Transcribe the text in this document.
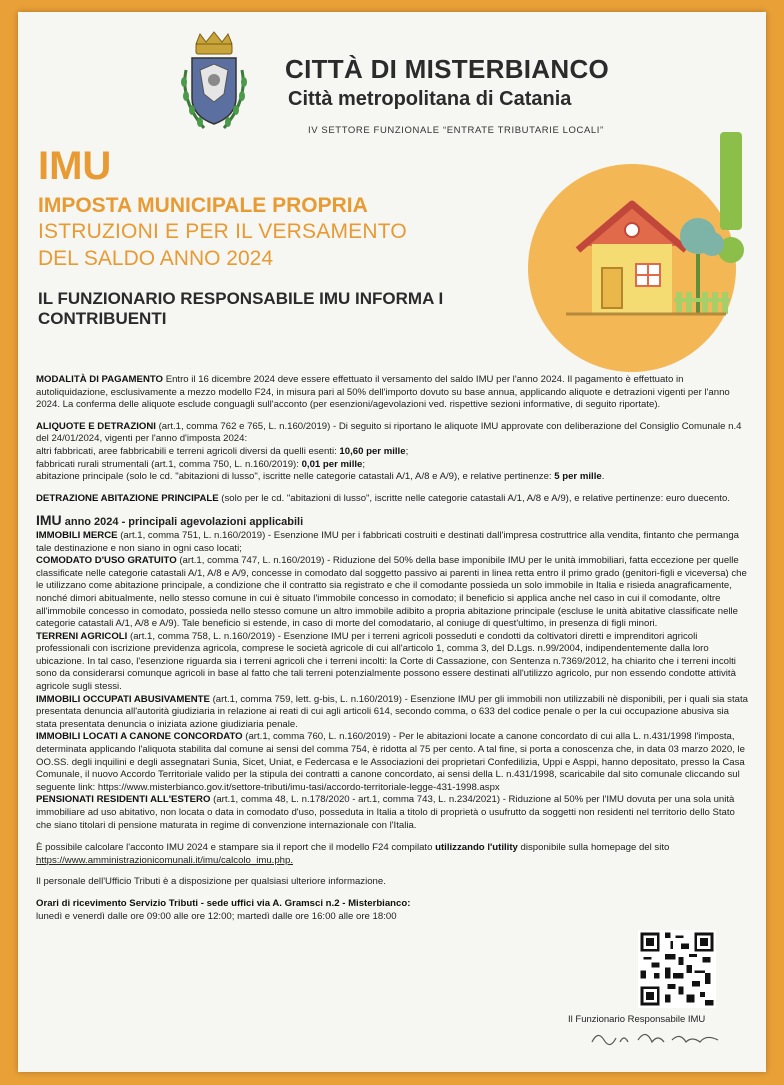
CITTÀ DI MISTERBIANCO
Città metropolitana di Catania
IV SETTORE FUNZIONALE “ENTRATE TRIBUTARIE LOCALI”
IMU
IMPOSTA MUNICIPALE PROPRIA
ISTRUZIONI E PER IL VERSAMENTO
DEL SALDO ANNO 2024
IL FUNZIONARIO RESPONSABILE IMU INFORMA I CONTRIBUENTI

MODALITÀ DI PAGAMENTO Entro il 16 dicembre 2024 deve essere effettuato il versamento del saldo IMU per l'anno 2024. Il pagamento è effettuato in autoliquidazione, esclusivamente a mezzo modello F24, in misura pari al 50% dell'importo dovuto su base annua, applicando aliquote e detrazioni vigenti per l'anno 2024. La conferma delle aliquote esclude conguagli sull'acconto (per esenzioni/agevolazioni ved. rispettive sezioni informative, di seguito riportate).

ALIQUOTE E DETRAZIONI (art.1, comma 762 e 765, L. n.160/2019) - Di seguito si riportano le aliquote IMU approvate con deliberazione del Consiglio Comunale n.4 del 24/01/2024, vigenti per l'anno d'imposta 2024:
altri fabbricati, aree fabbricabili e terreni agricoli diversi da quelli esenti: 10,60 per mille;
fabbricati rurali strumentali (art.1, comma 750, L. n.160/2019): 0,01 per mille;
abitazione principale (solo le cd. "abitazioni di lusso", iscritte nelle categorie catastali A/1, A/8 e A/9), e relative pertinenze: 5 per mille.

DETRAZIONE ABITAZIONE PRINCIPALE (solo per le cd. "abitazioni di lusso", iscritte nelle categorie catastali A/1, A/8 e A/9), e relative pertinenze: euro duecento.

IMU anno 2024 - principali agevolazioni applicabili

IMMOBILI MERCE (art.1, comma 751, L. n.160/2019) - Esenzione IMU per i fabbricati costruiti e destinati dall'impresa costruttrice alla vendita, fintanto che permanga tale destinazione e non siano in ogni caso locati;

COMODATO D'USO GRATUITO (art.1, comma 747, L. n.160/2019) - Riduzione del 50% della base imponibile IMU per le unità immobiliari, fatta eccezione per quelle classificate nelle categorie catastali A/1, A/8 e A/9, concesse in comodato dal soggetto passivo ai parenti in linea retta entro il primo grado (genitori-figli e viceversa) che le utilizzano come abitazione principale, a condizione che il contratto sia registrato e che il comodante possieda un solo immobile in Italia e risieda anagraficamente, nonché dimori abitualmente, nello stesso comune in cui è situato l'immobile concesso in comodato; il beneficio si applica anche nel caso in cui il comodante, oltre all'immobile concesso in comodato, possieda nello stesso comune un altro immobile adibito a propria abitazione principale (escluse le unità abitative classificate nelle categorie catastali A/1, A/8 e A/9). Tale beneficio si estende, in caso di morte del comodatario, al coniuge di quest'ultimo, in presenza di figli minori.

TERRENI AGRICOLI (art.1, comma 758, L. n.160/2019) - Esenzione IMU per i terreni agricoli posseduti e condotti da coltivatori diretti e imprenditori agricoli professionali con iscrizione previdenza agricola, comprese le società agricole di cui all'articolo 1, comma 3, del D.Lgs. n.99/2004, indipendentemente dalla loro ubicazione. In tal caso, l'esenzione riguarda sia i terreni agricoli che i terreni incolti: la Corte di Cassazione, con Sentenza n.7369/2012, ha chiarito che i terreni incolti sono da considerarsi comunque agricoli in base al fatto che tali terreni potenzialmente possono essere destinati all'utilizzo agricolo, pur non essendo condotte attività agricole sugli stessi.

IMMOBILI OCCUPATI ABUSIVAMENTE (art.1, comma 759, lett. g-bis, L. n.160/2019) - Esenzione IMU per gli immobili non utilizzabili nè disponibili, per i quali sia stata presentata denuncia all'autorità giudiziaria in relazione ai reati di cui agli articoli 614, secondo comma, o 633 del codice penale o per la cui occupazione abusiva sia stata presentata denuncia o iniziata azione giudiziaria penale.

IMMOBILI LOCATI A CANONE CONCORDATO (art.1, comma 760, L. n.160/2019) - Per le abitazioni locate a canone concordato di cui alla L. n.431/1998 l'imposta, determinata applicando l'aliquota stabilita dal comune ai sensi del comma 754, è ridotta al 75 per cento. A tal fine, si porta a conoscenza che, in data 03 marzo 2020, le OO.SS. degli inquilini e degli assegnatari Sunia, Sicet, Uniat, e Federcasa e le Associazioni dei proprietari Confedilizia, Uppi e Asppi, hanno depositato, presso la Casa Comunale, il nuovo Accordo Territoriale valido per la stipula dei contratti a canone concordato, ai sensi della L. n.431/1998, scaricabile dal sito comunale cliccando sul seguente link: https://www.misterbianco.gov.it/settore-tributi/imu-tasi/accordo-territoriale-legge-431-1998.aspx

PENSIONATI RESIDENTI ALL'ESTERO (art.1, comma 48, L. n.178/2020 - art.1, comma 743, L. n.234/2021) - Riduzione al 50% per l'IMU dovuta per una sola unità immobiliare ad uso abitativo, non locata o data in comodato d'uso, posseduta in Italia a titolo di proprietà o usufrutto da soggetti non residenti nel territorio dello Stato che siano titolari di pensione maturata in regime di convenzione internazionale con l'Italia.

È possibile calcolare l'acconto IMU 2024 e stampare sia il report che il modello F24 compilato utilizzando l'utility disponibile sulla homepage del sito
https://www.amministrazionicomunali.it/imu/calcolo_imu.php.

Il personale dell'Ufficio Tributi è a disposizione per qualsiasi ulteriore informazione.

Orari di ricevimento Servizio Tributi - sede uffici via A. Gramsci n.2 - Misterbianco:
lunedì e venerdì dalle ore 09:00 alle ore 12:00; martedì dalle ore 16:00 alle ore 18:00

Il Funzionario Responsabile IMU
